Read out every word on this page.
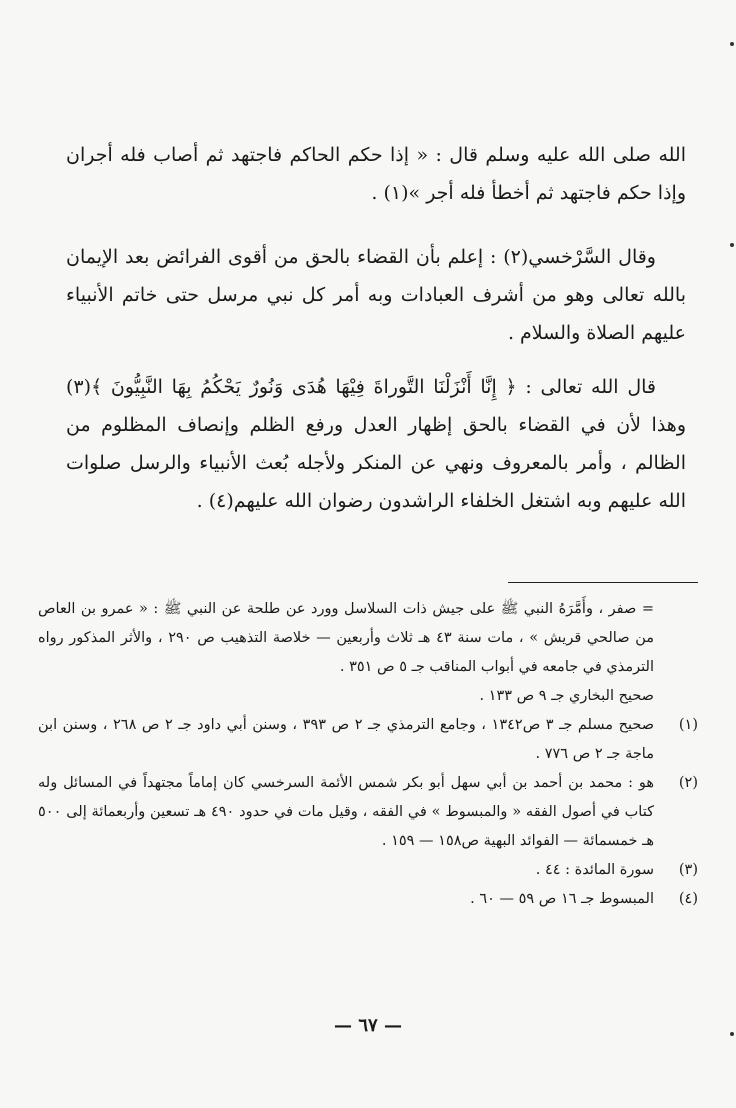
الله صلى الله عليه وسلم قال : « إذا حكم الحاكم فاجتهد ثم أصاب فله أجران وإذا حكم فاجتهد ثم أخطأ فله أجر »(١) .

وقال السَّرْخسي(٢) : إعلم بأن القضاء بالحق من أقوى الفرائض بعد الإيمان بالله تعالى وهو من أشرف العبادات وبه أمر كل نبي مرسل حتى خاتم الأنبياء عليهم الصلاة والسلام .

قال الله تعالى : ﴿ إِنَّا أَنْزَلْنَا التَّوراةَ فِيْهَا هُدَى وَنُورٌ يَحْكُمُ بِهَا النَّبِيُّونَ ﴾(٣) وهذا لأن في القضاء بالحق إظهار العدل ورفع الظلم وإنصاف المظلوم من الظالم ، وأمر بالمعروف ونهي عن المنكر ولأجله بُعث الأنبياء والرسل صلوات الله عليهم وبه اشتغل الخلفاء الراشدون رضوان الله عليهم(٤) .

= صفر ، وأَمَّرَهُ النبي ﷺ على جيش ذات السلاسل وورد عن طلحة عن النبي ﷺ : « عمرو بن العاص من صالحي قريش » ، مات سنة ٤٣ هـ ثلاث وأربعين — خلاصة التذهيب ص ٢٩٠ ، والأثر المذكور رواه الترمذي في جامعه في أبواب المناقب جـ ٥ ص ٣٥١ .
صحيح البخاري جـ ٩ ص ١٣٣ .
(١)
صحيح مسلم جـ ٣ ص١٣٤٢ ، وجامع الترمذي جـ ٢ ص ٣٩٣ ، وسنن أبي داود جـ ٢ ص ٢٦٨ ، وسنن ابن ماجة جـ ٢ ص ٧٧٦ .
(٢)
هو : محمد بن أحمد بن أبي سهل أبو بكر شمس الأئمة السرخسي كان إماماً مجتهداً في المسائل وله كتاب في أصول الفقه « والمبسوط » في الفقه ، وقيل مات في حدود ٤٩٠ هـ تسعين وأربعمائة إلى ٥٠٠ هـ خمسمائة — الفوائد البهية ص١٥٨ — ١٥٩ .
(٣)
سورة المائدة : ٤٤ .
(٤)
المبسوط جـ ١٦ ص ٥٩ — ٦٠ .
— ٦٧ —
